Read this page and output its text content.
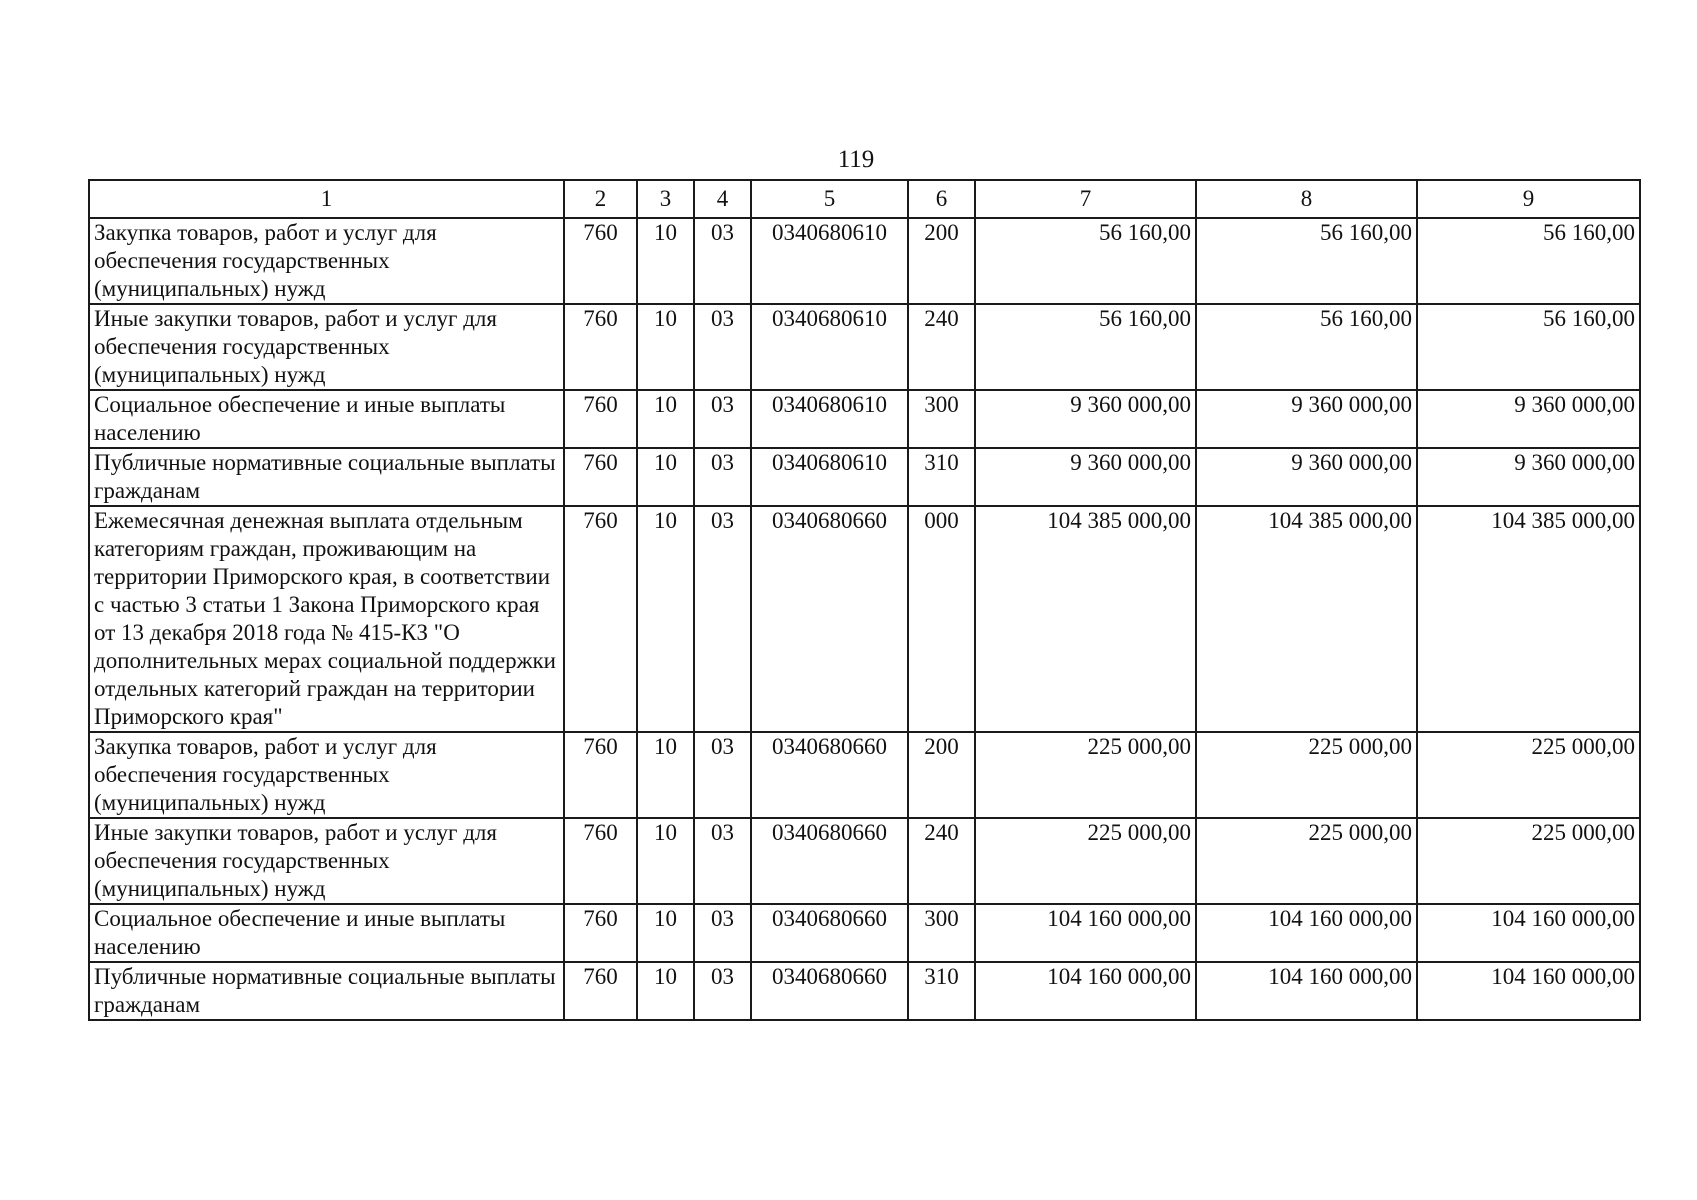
119
1	2	3	4	5	6	7	8	9
Закупка товаров, работ и услуг для обеспечения государственных (муниципальных) нужд	760	10	03	0340680610	200	56 160,00	56 160,00	56 160,00
Иные закупки товаров, работ и услуг для обеспечения государственных (муниципальных) нужд	760	10	03	0340680610	240	56 160,00	56 160,00	56 160,00
Социальное обеспечение и иные выплаты населению	760	10	03	0340680610	300	9 360 000,00	9 360 000,00	9 360 000,00
Публичные нормативные социальные выплаты гражданам	760	10	03	0340680610	310	9 360 000,00	9 360 000,00	9 360 000,00
Ежемесячная денежная выплата отдельным категориям граждан, проживающим на территории Приморского края, в соответствии с частью 3 статьи 1 Закона Приморского края от 13 декабря 2018 года № 415-КЗ "О дополнительных мерах социальной поддержки отдельных категорий граждан на территории Приморского края"	760	10	03	0340680660	000	104 385 000,00	104 385 000,00	104 385 000,00
Закупка товаров, работ и услуг для обеспечения государственных (муниципальных) нужд	760	10	03	0340680660	200	225 000,00	225 000,00	225 000,00
Иные закупки товаров, работ и услуг для обеспечения государственных (муниципальных) нужд	760	10	03	0340680660	240	225 000,00	225 000,00	225 000,00
Социальное обеспечение и иные выплаты населению	760	10	03	0340680660	300	104 160 000,00	104 160 000,00	104 160 000,00
Публичные нормативные социальные выплаты гражданам	760	10	03	0340680660	310	104 160 000,00	104 160 000,00	104 160 000,00
